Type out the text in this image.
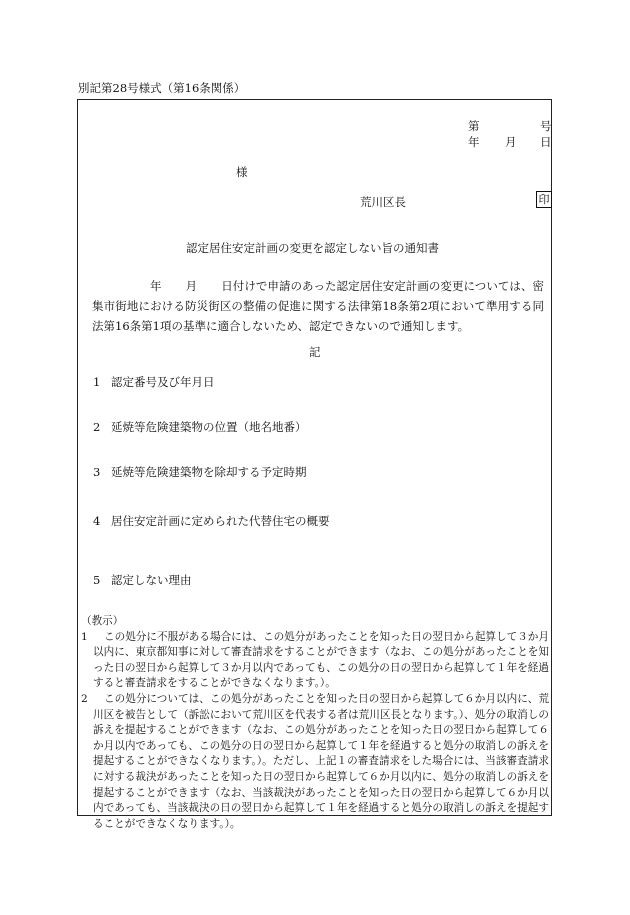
別記第28号様式（第16条関係）
第	号
年 月 日
様
荒川区長	印
認定居住安定計画の変更を認定しない旨の通知書
年 月 日付けで申請のあった認定居住安定計画の変更については、密集市街地における防災街区の整備の促進に関する法律第18条第2項において準用する同法第16条第1項の基準に適合しないため、認定できないので通知します。
記
1 認定番号及び年月日
2 延焼等危険建築物の位置（地名地番）
3 延焼等危険建築物を除却する予定時期
4 居住安定計画に定められた代替住宅の概要
5 認定しない理由
（教示）
1	この処分に不服がある場合には、この処分があったことを知った日の翌日から起算して３か月以内に、東京都知事に対して審査請求をすることができます（なお、この処分があったことを知った日の翌日から起算して３か月以内であっても、この処分の日の翌日から起算して１年を経過すると審査請求をすることができなくなります。）。
2	この処分については、この処分があったことを知った日の翌日から起算して６か月以内に、荒川区を被告として（訴訟において荒川区を代表する者は荒川区長となります。）、処分の取消しの訴えを提起することができます（なお、この処分があったことを知った日の翌日から起算して６か月以内であっても、この処分の日の翌日から起算して１年を経過すると処分の取消しの訴えを提起することができなくなります。）。ただし、上記１の審査請求をした場合には、当該審査請求に対する裁決があったことを知った日の翌日から起算して６か月以内に、処分の取消しの訴えを提起することができます（なお、当該裁決があったことを知った日の翌日から起算して６か月以内であっても、当該裁決の日の翌日から起算して１年を経過すると処分の取消しの訴えを提起することができなくなります。）。
